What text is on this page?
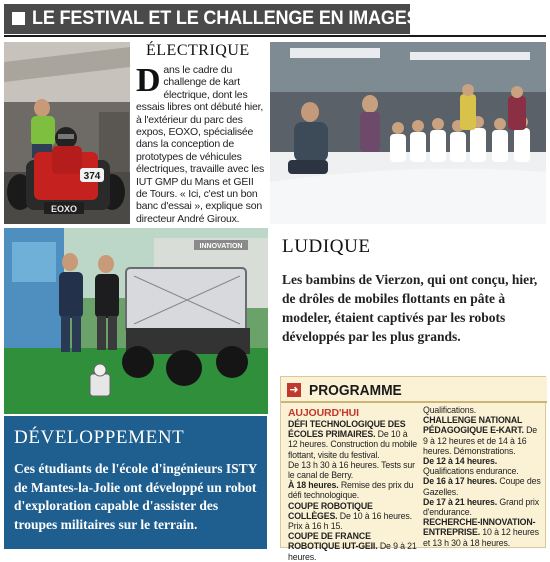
LE FESTIVAL ET LE CHALLENGE EN IMAGES
374
EOXO
ÉLECTRIQUE
Dans le cadre du challenge de kart électrique, dont les essais libres ont débuté hier, à l'extérieur du parc des expos, EOXO, spécialisée dans la conception de prototypes de véhicules électriques, travaille avec les IUT GMP du Mans et GEII de Tours. « Ici, c'est un bon banc d'essai », explique son directeur André Giroux.
INNOVATION LUDIQUE
Les bambins de Vierzon, qui ont conçu, hier, de drôles de mobiles flottants en pâte à modeler, étaient captivés par les robots développés par les plus grands.
DÉVELOPPEMENT
Ces étudiants de l'école d'ingénieurs ISTY de Mantes-la-Jolie ont développé un robot d'exploration capable d'assister des troupes militaires sur le terrain.
➜ PROGRAMME
AUJOURD'HUI
DÉFI TECHNOLOGIQUE DES ÉCOLES PRIMAIRES. De 10 à 12 heures. Construction du mobile flottant, visite du festival.
De 13 h 30 à 16 heures. Tests sur le canal de Berry.
À 18 heures. Remise des prix du défi technologique.
COUPE ROBOTIQUE COLLÈGES. De 10 à 16 heures. Prix à 16 h 15.
COUPE DE FRANCE ROBOTIQUE IUT-GEII. De 9 à 21 heures.
Qualifications.
CHALLENGE NATIONAL PÉDAGOGIQUE E-KART. De 9 à 12 heures et de 14 à 16 heures. Démonstrations.
De 12 à 14 heures. Qualifications endurance.
De 16 à 17 heures. Coupe des Gazelles.
De 17 à 21 heures. Grand prix d'endurance.
RECHERCHE-INNOVATION-ENTREPRISE. 10 à 12 heures et 13 h 30 à 18 heures.
